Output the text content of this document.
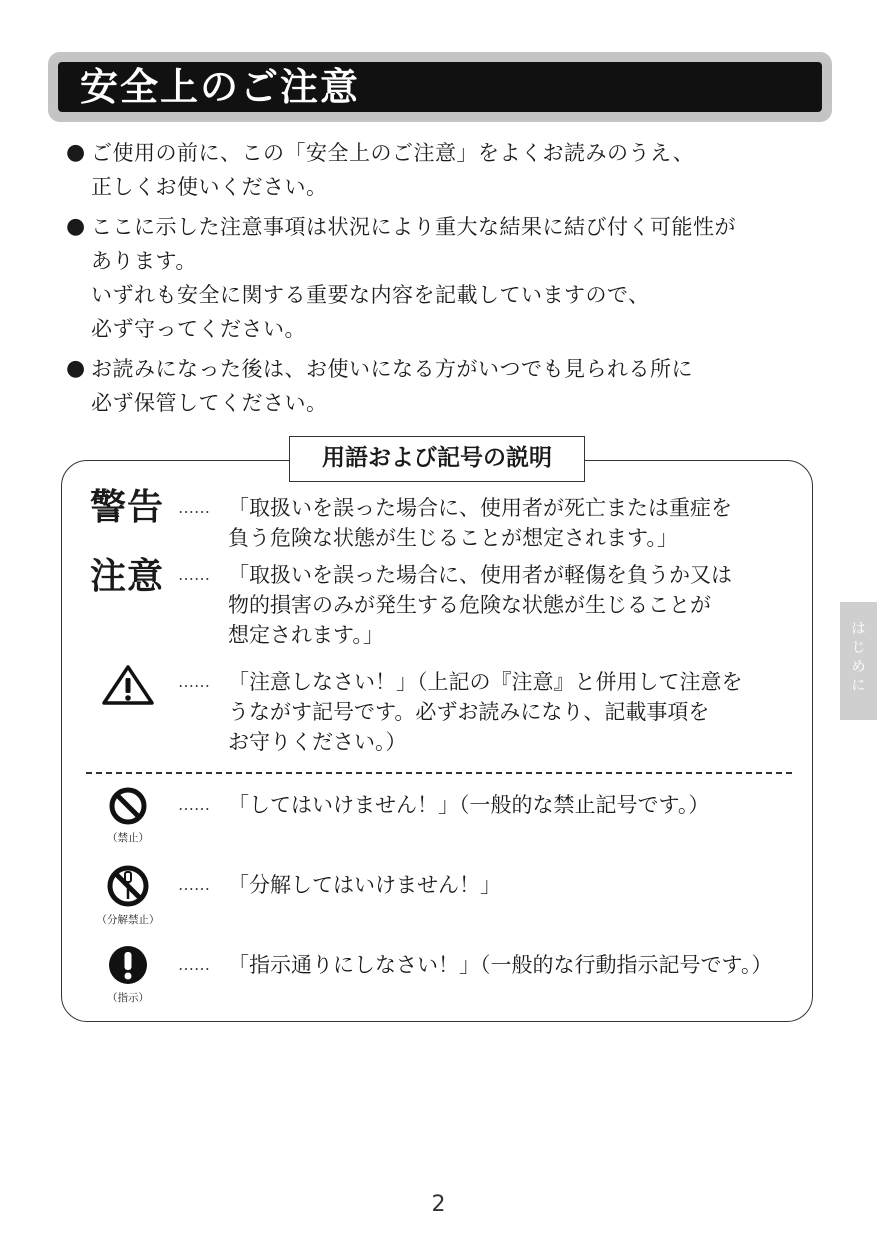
安全上のご注意
● ご使用の前に、この「安全上のご注意」をよくお読みのうえ、
正しくお使いください。
● ここに示した注意事項は状況により重大な結果に結び付く可能性が
あります。
いずれも安全に関する重要な内容を記載していますので、
必ず守ってください。
● お読みになった後は、お使いになる方がいつでも見られる所に
必ず保管してください。
用語および記号の説明
警告 …… 「取扱いを誤った場合に、使用者が死亡または重症を
負う危険な状態が生じることが想定されます。」
注意 …… 「取扱いを誤った場合に、使用者が軽傷を負うか又は
物的損害のみが発生する危険な状態が生じることが
想定されます。」
…… 「注意しなさい！」（上記の『注意』と併用して注意を
うながす記号です。必ずお読みになり、記載事項を
お守りください。）
（禁止）
…… 「してはいけません！」（一般的な禁止記号です。）
（分解禁止）
…… 「分解してはいけません！」
（指示）
…… 「指示通りにしなさい！」（一般的な行動指示記号です。）
は
じ
め
に
2
